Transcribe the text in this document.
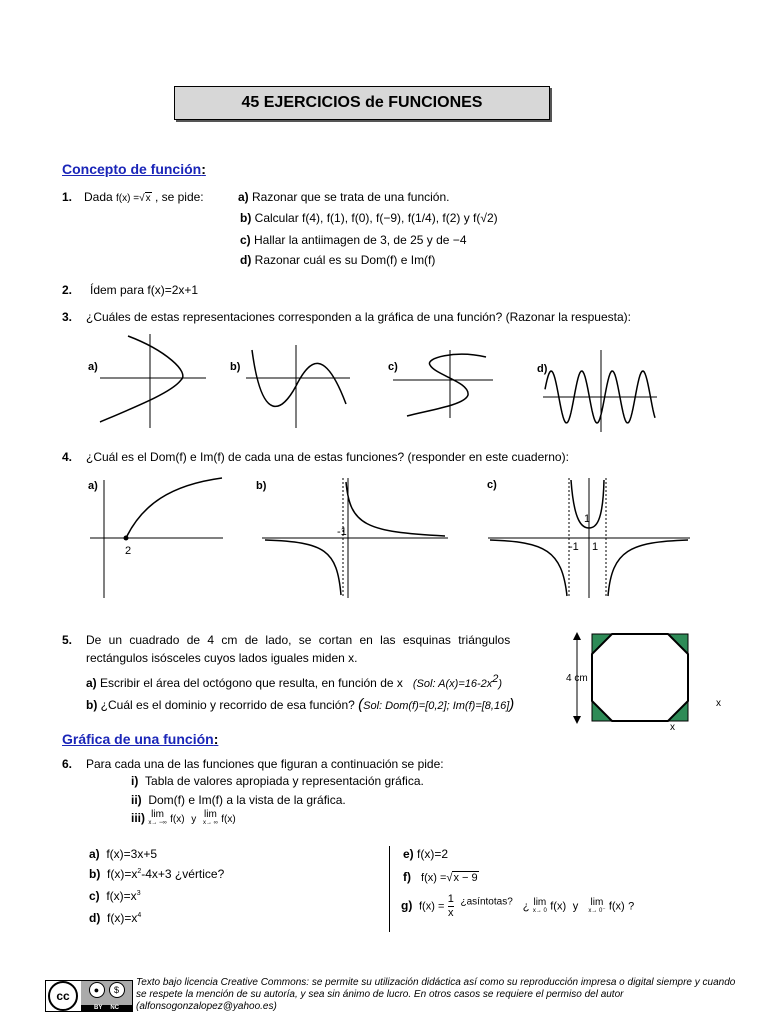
45 EJERCICIOS de FUNCIONES
Concepto de función:
1. Dada f(x) =√x , se pide:	a) Razonar que se trata de una función.
b) Calcular f(4), f(1), f(0), f(−9), f(1/4), f(2) y f(√2)
c) Hallar la antiimagen de 3, de 25 y de −4
d) Razonar cuál es su Dom(f) e Im(f)
2. Ídem para f(x)=2x+1
3. ¿Cuáles de estas representaciones corresponden a la gráfica de una función? (Razonar la respuesta):
a)	b)	c)	d)
4. ¿Cuál es el Dom(f) e Im(f) de cada una de estas funciones? (responder en este cuaderno):
a)	b)	c)
2
-1
1
-1 1
5. De un cuadrado de 4 cm de lado, se cortan en las esquinas triángulos
rectángulos isósceles cuyos lados iguales miden x.
a) Escribir el área del octógono que resulta, en función de x (Sol: $A(x)=16-2x^2$)
b) ¿Cuál es el dominio y recorrido de esa función? (Sol: Dom(f)=[0,2]; Im(f)=[8,16])
4 cm
x
x
Gráfica de una función:
6. Para cada una de las funciones que figuran a continuación se pide:
i) Tabla de valores apropiada y representación gráfica.
ii) Dom(f) e Im(f) a la vista de la gráfica.
iii) lim
x→ −∞ f(x) y lim
x→ ∞ f(x)
a) f(x)=3x+5
b) $f(x)=x^2-4x+3$ ¿vértice?
c) $f(x)=x^3$
d) $f(x)=x^4$
e) f(x)=2
f) f(x) =√x − 9
g) $f(x) = \frac{1}{x} ^{¿asíntotas?}$ ¿ lim
x→ 0 f(x) y lim
x→ 0⁻ f(x) ?
cc	●	$
BY NC
Texto bajo licencia Creative Commons: se permite su utilización didáctica así como su reproducción impresa o digital siempre y cuando se respete la mención de su autoría, y sea sin ánimo de lucro. En otros casos se requiere el permiso del autor (alfonsogonzalopez@yahoo.es)
